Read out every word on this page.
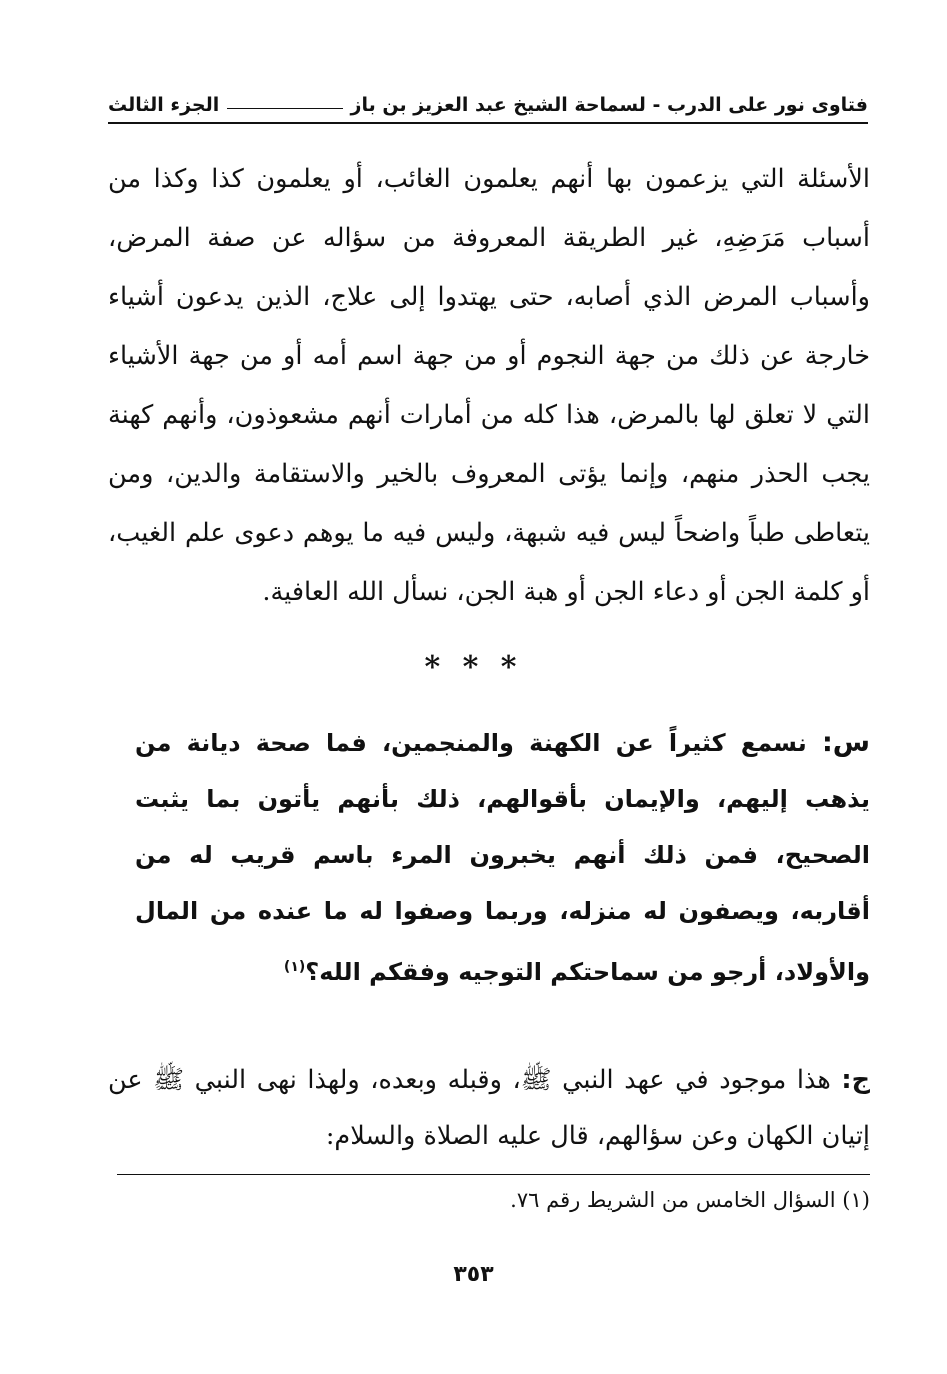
فتاوى نور على الدرب - لسماحة الشيخ عبد العزيز بن باز
الجزء الثالث

الأسئلة التي يزعمون بها أنهم يعلمون الغائب، أو يعلمون كذا وكذا من أسباب مَرَضِهِ، غير الطريقة المعروفة من سؤاله عن صفة المرض، وأسباب المرض الذي أصابه، حتى يهتدوا إلى علاج، الذين يدعون أشياء خارجة عن ذلك من جهة النجوم أو من جهة اسم أمه أو من جهة الأشياء التي لا تعلق لها بالمرض، هذا كله من أمارات أنهم مشعوذون، وأنهم كهنة يجب الحذر منهم، وإنما يؤتى المعروف بالخير والاستقامة والدين، ومن يتعاطى طباً واضحاً ليس فيه شبهة، وليس فيه ما يوهم دعوى علم الغيب، أو كلمة الجن أو دعاء الجن أو هبة الجن، نسأل الله العافية.

* * *
س: نسمع كثيراً عن الكهنة والمنجمين، فما صحة ديانة من يذهب إليهم، والإيمان بأقوالهم، ذلك بأنهم يأتون بما يثبت الصحيح، فمن ذلك أنهم يخبرون المرء باسم قريب له من أقاربه، ويصفون له منزله، وربما وصفوا له ما عنده من المال والأولاد، أرجو من سماحتكم التوجيه وفقكم الله؟$^{(١)}$
ج: هذا موجود في عهد النبي ﷺ، وقبله وبعده، ولهذا نهى النبي ﷺ عن إتيان الكهان وعن سؤالهم، قال عليه الصلاة والسلام:
(١) السؤال الخامس من الشريط رقم ٧٦.
٣٥٣
